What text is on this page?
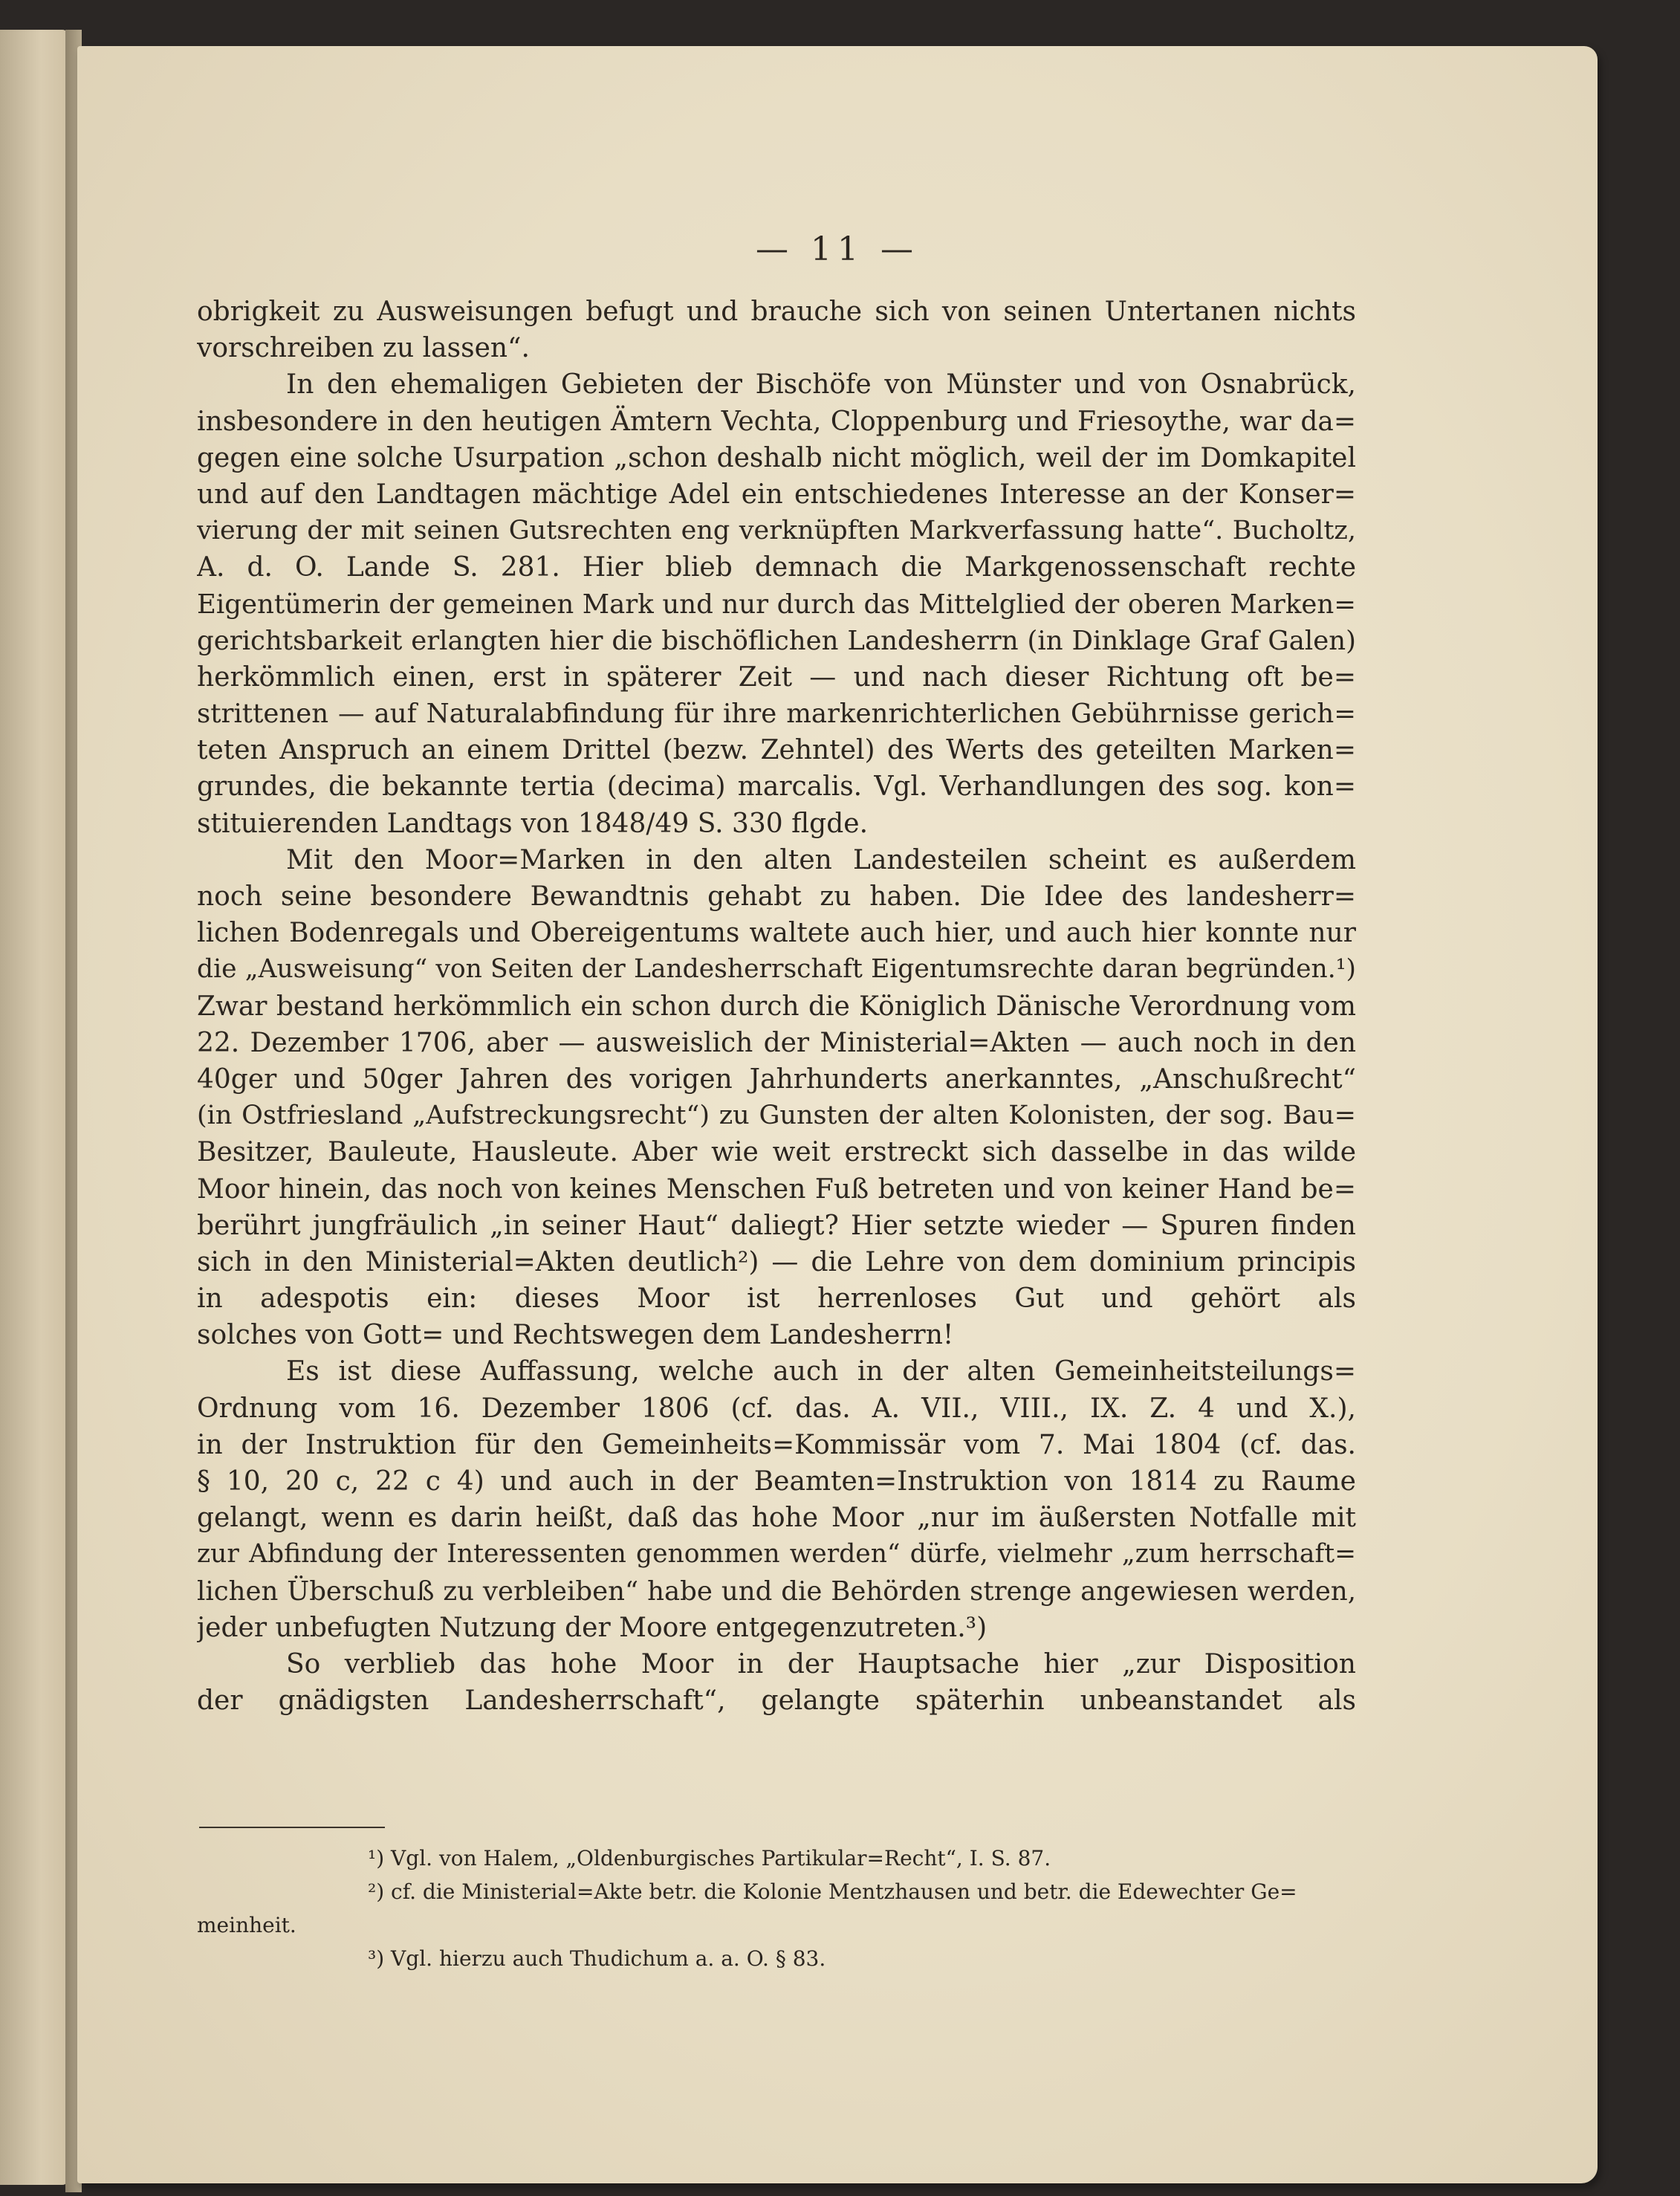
— 11 —
obrigkeit zu Ausweisungen befugt und brauche sich von seinen Untertanen nichts
vorschreiben zu lassen“.
In den ehemaligen Gebieten der Bischöfe von Münster und von Osnabrück,
insbesondere in den heutigen Ämtern Vechta, Cloppenburg und Friesoythe, war da=
gegen eine solche Usurpation „schon deshalb nicht möglich, weil der im Domkapitel
und auf den Landtagen mächtige Adel ein entschiedenes Interesse an der Konser=
vierung der mit seinen Gutsrechten eng verknüpften Markverfassung hatte“. Bucholtz,
A. d. O. Lande S. 281. Hier blieb demnach die Markgenossenschaft rechte
Eigentümerin der gemeinen Mark und nur durch das Mittelglied der oberen Marken=
gerichtsbarkeit erlangten hier die bischöflichen Landesherrn (in Dinklage Graf Galen)
herkömmlich einen, erst in späterer Zeit — und nach dieser Richtung oft be=
strittenen — auf Naturalabfindung für ihre markenrichterlichen Gebührnisse gerich=
teten Anspruch an einem Drittel (bezw. Zehntel) des Werts des geteilten Marken=
grundes, die bekannte tertia (decima) marcalis. Vgl. Verhandlungen des sog. kon=
stituierenden Landtags von 1848/49 S. 330 flgde.
Mit den Moor=Marken in den alten Landesteilen scheint es außerdem
noch seine besondere Bewandtnis gehabt zu haben. Die Idee des landesherr=
lichen Bodenregals und Obereigentums waltete auch hier, und auch hier konnte nur
die „Ausweisung“ von Seiten der Landesherrschaft Eigentumsrechte daran begründen.¹)
Zwar bestand herkömmlich ein schon durch die Königlich Dänische Verordnung vom
22. Dezember 1706, aber — ausweislich der Ministerial=Akten — auch noch in den
40ger und 50ger Jahren des vorigen Jahrhunderts anerkanntes, „Anschußrecht“
(in Ostfriesland „Aufstreckungsrecht“) zu Gunsten der alten Kolonisten, der sog. Bau=
Besitzer, Bauleute, Hausleute. Aber wie weit erstreckt sich dasselbe in das wilde
Moor hinein, das noch von keines Menschen Fuß betreten und von keiner Hand be=
berührt jungfräulich „in seiner Haut“ daliegt? Hier setzte wieder — Spuren finden
sich in den Ministerial=Akten deutlich²) — die Lehre von dem dominium principis
in adespotis ein: dieses Moor ist herrenloses Gut und gehört als
solches von Gott= und Rechtswegen dem Landesherrn!
Es ist diese Auffassung, welche auch in der alten Gemeinheitsteilungs=
Ordnung vom 16. Dezember 1806 (cf. das. A. VII., VIII., IX. Z. 4 und X.),
in der Instruktion für den Gemeinheits=Kommissär vom 7. Mai 1804 (cf. das.
§ 10, 20 c, 22 c 4) und auch in der Beamten=Instruktion von 1814 zu Raume
gelangt, wenn es darin heißt, daß das hohe Moor „nur im äußersten Notfalle mit
zur Abfindung der Interessenten genommen werden“ dürfe, vielmehr „zum herrschaft=
lichen Überschuß zu verbleiben“ habe und die Behörden strenge angewiesen werden,
jeder unbefugten Nutzung der Moore entgegenzutreten.³)
So verblieb das hohe Moor in der Hauptsache hier „zur Disposition
der gnädigsten Landesherrschaft“, gelangte späterhin unbeanstandet als
¹) Vgl. von Halem, „Oldenburgisches Partikular=Recht“, I. S. 87.
²) cf. die Ministerial=Akte betr. die Kolonie Mentzhausen und betr. die Edewechter Ge=
meinheit.
³) Vgl. hierzu auch Thudichum a. a. O. § 83.
